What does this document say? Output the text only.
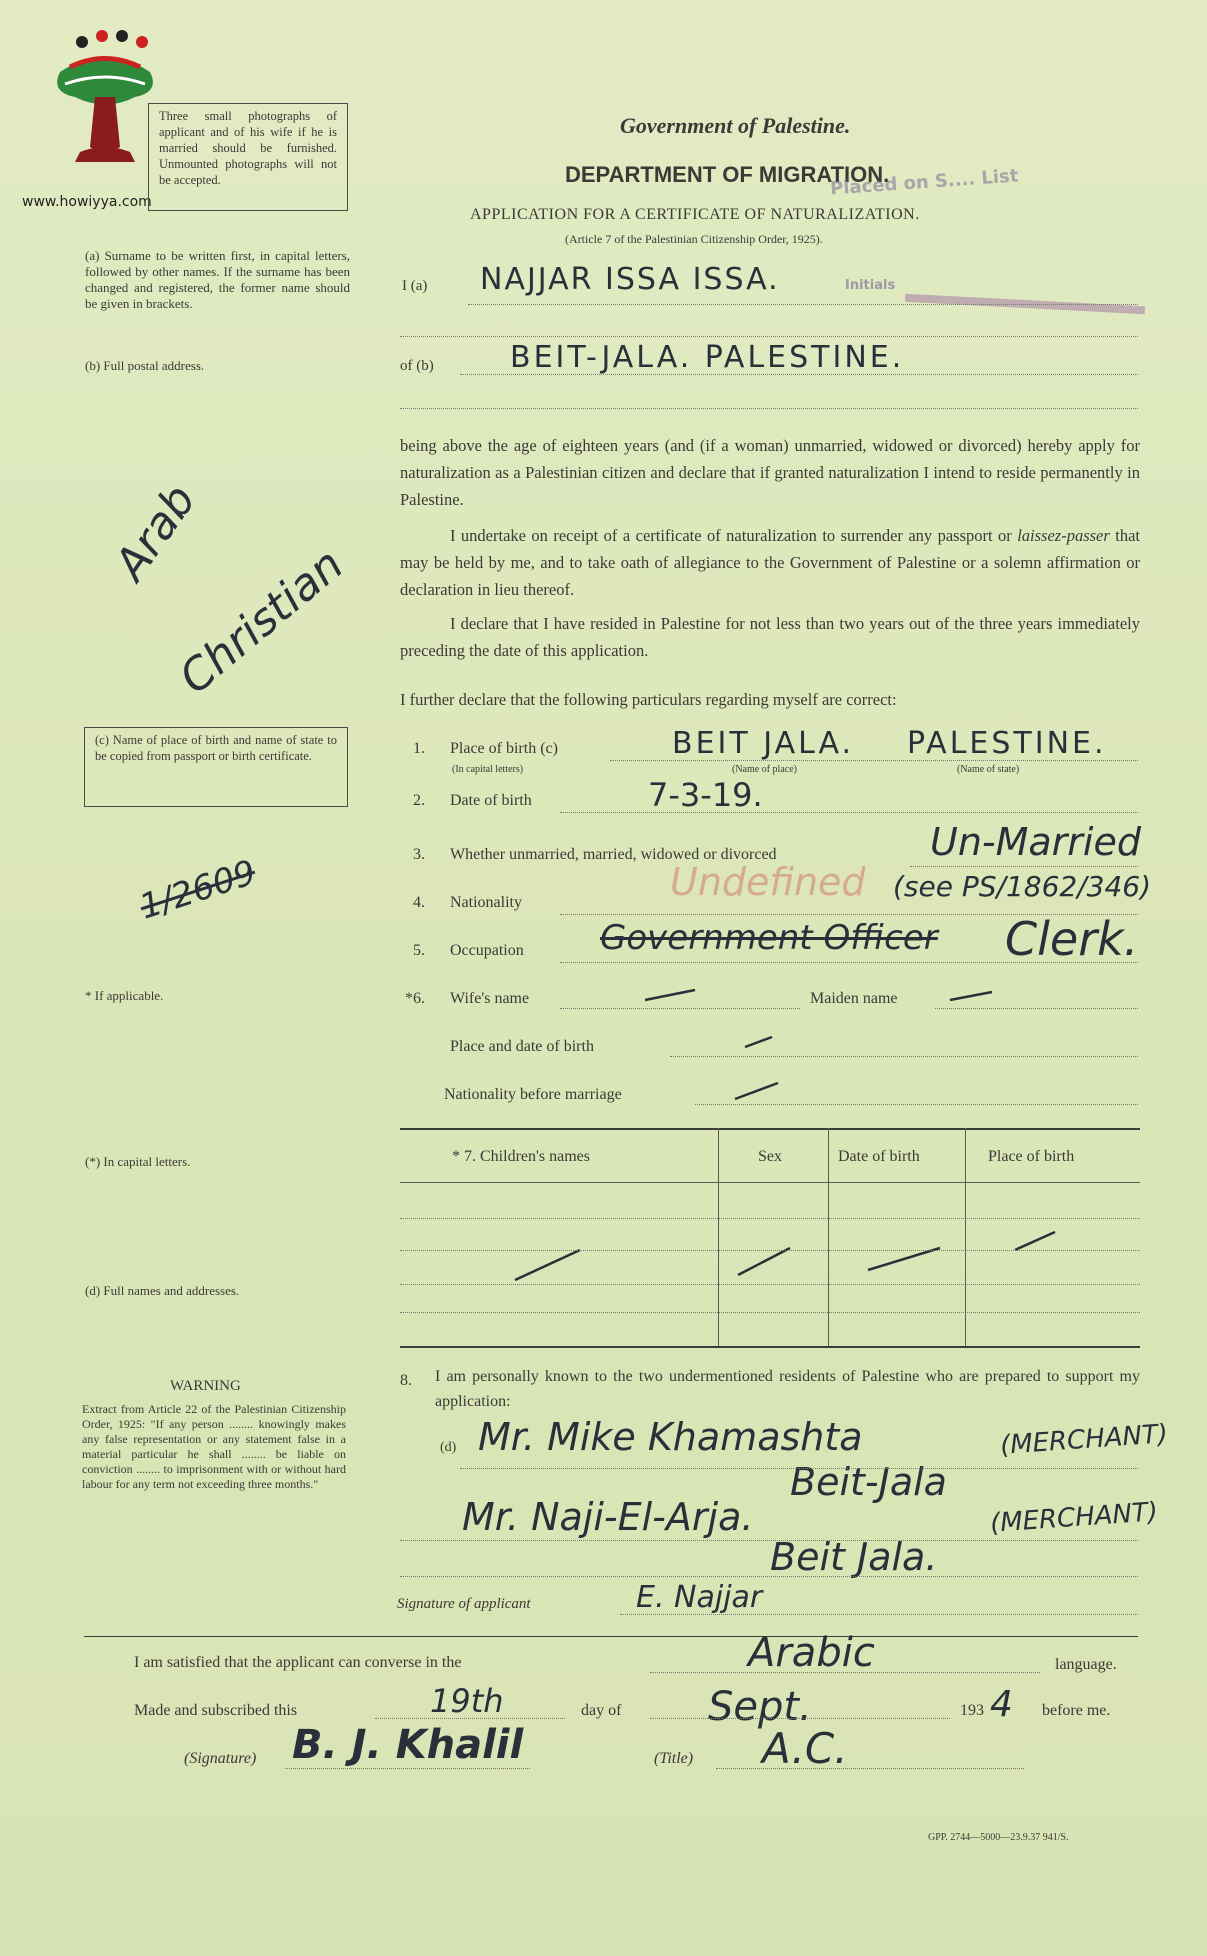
www.howiyya.com
Three small photographs of applicant and of his wife if he is married should be furnished. Unmounted photographs will not be accepted.
(a) Surname to be written first, in capital letters, followed by other names. If the surname has been changed and registered, the former name should be given in brackets.
(b) Full postal address.
Arab
Christian
(c) Name of place of birth and name of state to be copied from passport or birth certificate.
1/2609
* If applicable.
(*) In capital letters.
(d) Full names and addresses.
WARNING
Extract from Article 22 of the Palestinian Citizenship Order, 1925: "If any person ........ knowingly makes any false representation or any statement false in a material particular he shall ........ be liable on conviction ........ to imprisonment with or without hard labour for any term not exceeding three months."
Government of Palestine.
DEPARTMENT OF MIGRATION.
APPLICATION FOR A CERTIFICATE OF NATURALIZATION.
(Article 7 of the Palestinian Citizenship Order, 1925).
Placed on S.... List
Initials
I (a) NAJJAR ISSA ISSA.
of (b)	BEIT-JALA. PALESTINE.
being above the age of eighteen years (and (if a woman) unmarried, widowed or divorced) hereby apply for naturalization as a Palestinian citizen and declare that if granted naturalization I intend to reside permanently in Palestine.
I undertake on receipt of a certificate of naturalization to surrender any passport or laissez-passer that may be held by me, and to take oath of allegiance to the Government of Palestine or a solemn affirmation or declaration in lieu thereof.
I declare that I have resided in Palestine for not less than two years out of the three years immediately preceding the date of this application.
I further declare that the following particulars regarding myself are correct:
1. Place of birth (c)
(In capital letters)
BEIT JALA. PALESTINE.
(Name of place)	(Name of state)
2. Date of birth	7-3-19.
3. Whether unmarried, married, widowed or divorced	Un-Married
4. Nationality	Undefined (see PS/1862/346)
5. Occupation Government Officer Clerk.
*6. Wife's name	Maiden name
Place and date of birth
Nationality before marriage
* 7. Children's names	Sex	Date of birth	Place of birth
8. I am personally known to the two undermentioned residents of Palestine who are prepared to support my application:
(d) Mr. Mike Khamashta	(MERCHANT)
Beit-Jala
Mr. Naji-El-Arja.	(MERCHANT)
Beit Jala.
Signature of applicant	E. Najjar
I am satisfied that the applicant can converse in the	Arabic	language.
Made and subscribed this	19th	day of Sept.	193 4 before me.
(Signature) B. J. Khalil	(Title) A.C.
GPP. 2744—5000—23.9.37 941/S.
